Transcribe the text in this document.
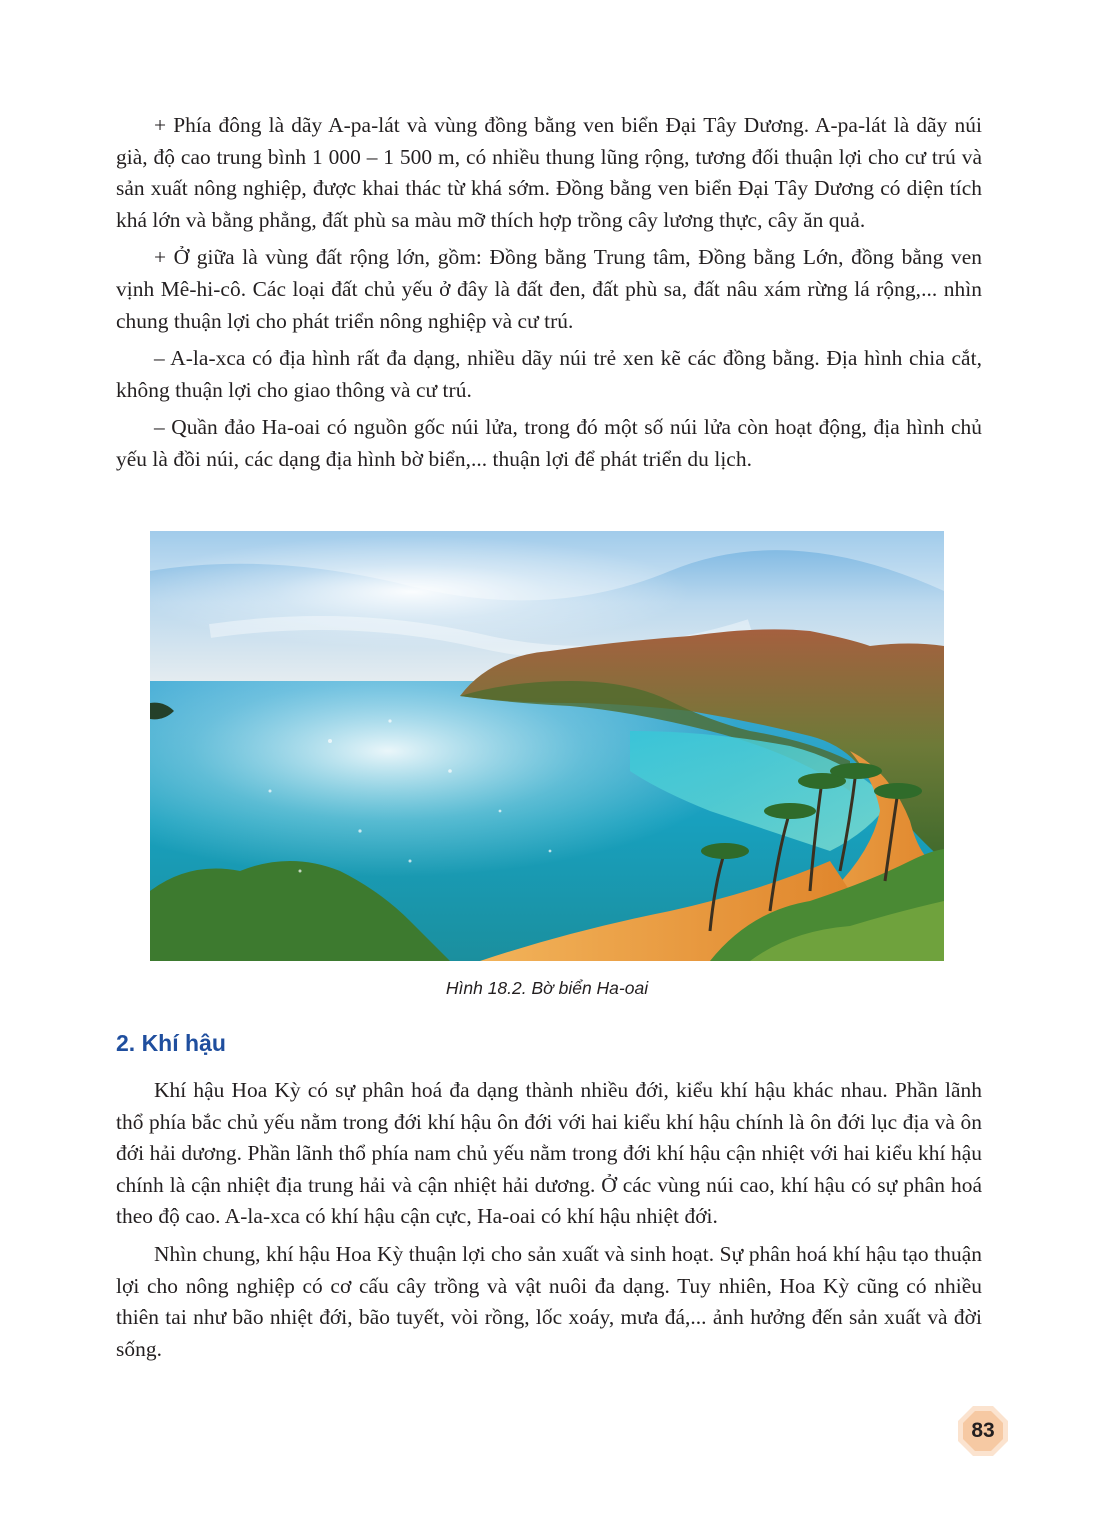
+ Phía đông là dãy A-pa-lát và vùng đồng bằng ven biển Đại Tây Dương. A-pa-lát là dãy núi già, độ cao trung bình 1 000 – 1 500 m, có nhiều thung lũng rộng, tương đối thuận lợi cho cư trú và sản xuất nông nghiệp, được khai thác từ khá sớm. Đồng bằng ven biển Đại Tây Dương có diện tích khá lớn và bằng phẳng, đất phù sa màu mỡ thích hợp trồng cây lương thực, cây ăn quả.

+ Ở giữa là vùng đất rộng lớn, gồm: Đồng bằng Trung tâm, Đồng bằng Lớn, đồng bằng ven vịnh Mê-hi-cô. Các loại đất chủ yếu ở đây là đất đen, đất phù sa, đất nâu xám rừng lá rộng,... nhìn chung thuận lợi cho phát triển nông nghiệp và cư trú.

– A-la-xca có địa hình rất đa dạng, nhiều dãy núi trẻ xen kẽ các đồng bằng. Địa hình chia cắt, không thuận lợi cho giao thông và cư trú.

– Quần đảo Ha-oai có nguồn gốc núi lửa, trong đó một số núi lửa còn hoạt động, địa hình chủ yếu là đồi núi, các dạng địa hình bờ biển,... thuận lợi để phát triển du lịch.

Hình 18.2. Bờ biển Ha-oai
2. Khí hậu

Khí hậu Hoa Kỳ có sự phân hoá đa dạng thành nhiều đới, kiểu khí hậu khác nhau. Phần lãnh thổ phía bắc chủ yếu nằm trong đới khí hậu ôn đới với hai kiểu khí hậu chính là ôn đới lục địa và ôn đới hải dương. Phần lãnh thổ phía nam chủ yếu nằm trong đới khí hậu cận nhiệt với hai kiểu khí hậu chính là cận nhiệt địa trung hải và cận nhiệt hải dương. Ở các vùng núi cao, khí hậu có sự phân hoá theo độ cao. A-la-xca có khí hậu cận cực, Ha-oai có khí hậu nhiệt đới.

Nhìn chung, khí hậu Hoa Kỳ thuận lợi cho sản xuất và sinh hoạt. Sự phân hoá khí hậu tạo thuận lợi cho nông nghiệp có cơ cấu cây trồng và vật nuôi đa dạng. Tuy nhiên, Hoa Kỳ cũng có nhiều thiên tai như bão nhiệt đới, bão tuyết, vòi rồng, lốc xoáy, mưa đá,... ảnh hưởng đến sản xuất và đời sống.

83
